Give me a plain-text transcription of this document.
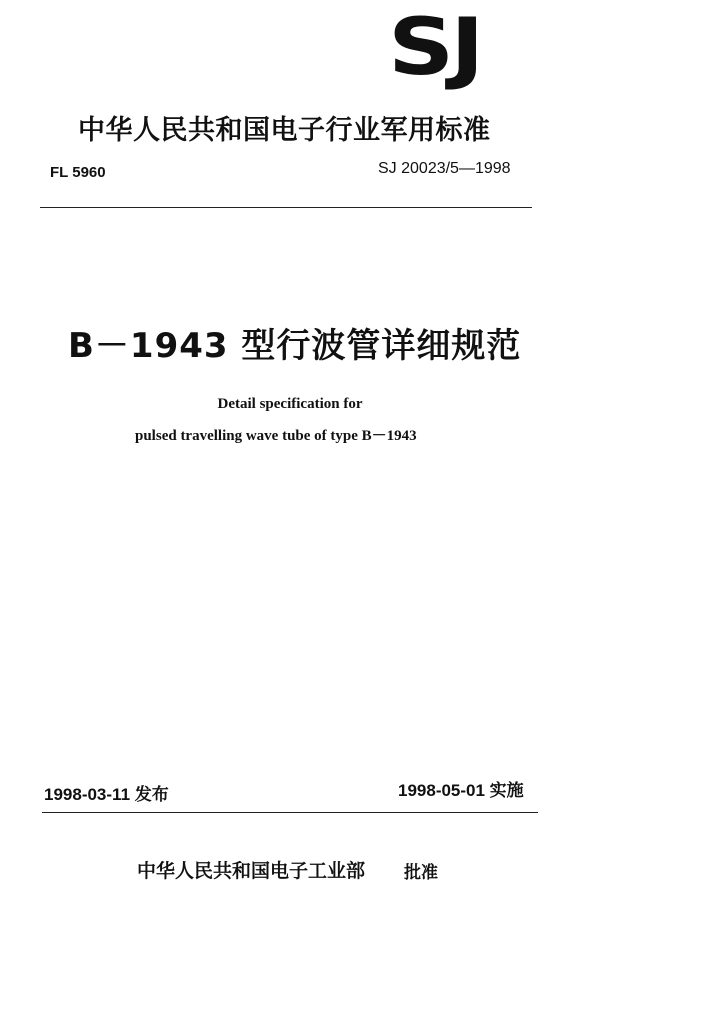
SJ
中华人民共和国电子行业军用标准
FL 5960	SJ 20023/5—1998
B－1943 型行波管详细规范
Detail specification for
pulsed travelling wave tube of type B－1943
1998-03-11 发布	1998-05-01 实施
中华人民共和国电子工业部 批准
